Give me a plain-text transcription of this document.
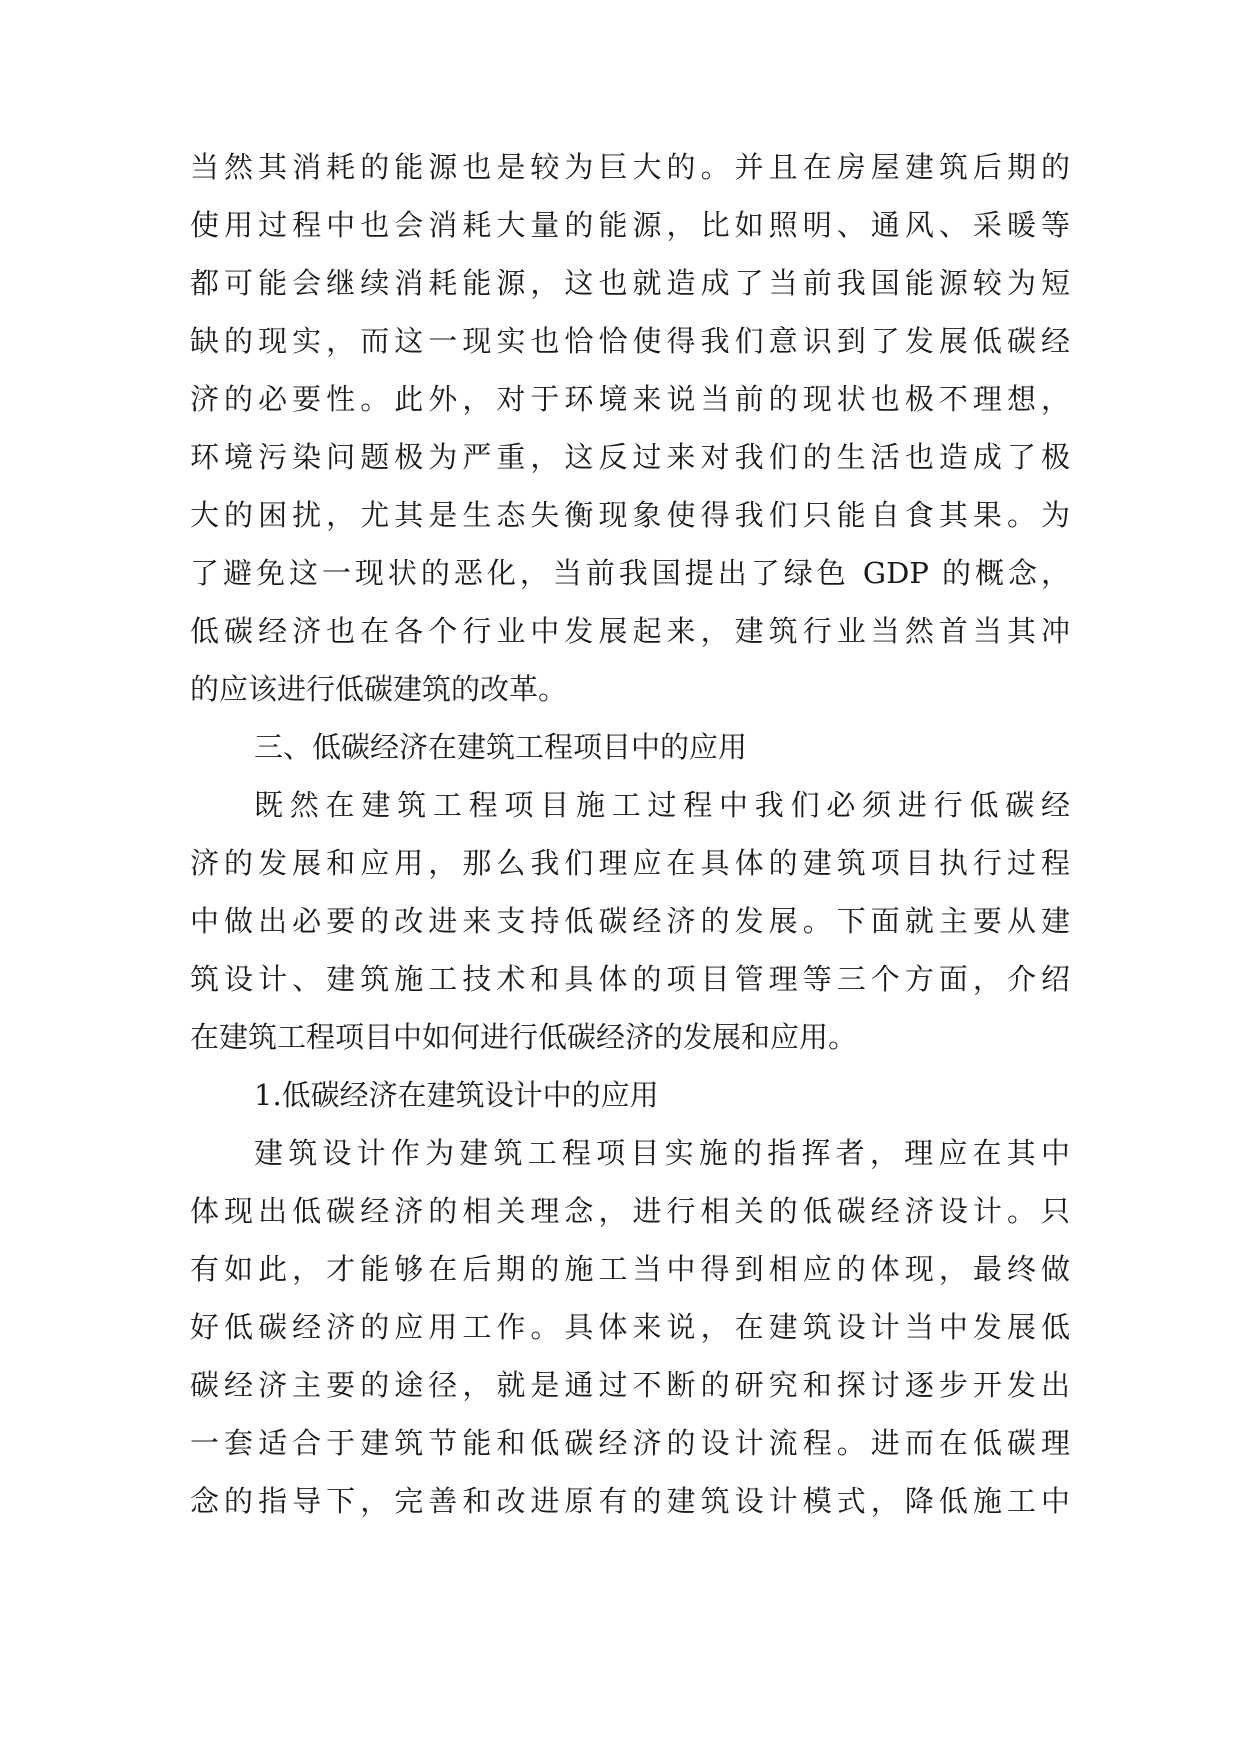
当然其消耗的能源也是较为巨大的。并且在房屋建筑后期的

使用过程中也会消耗大量的能源，比如照明、通风、采暖等

都可能会继续消耗能源，这也就造成了当前我国能源较为短

缺的现实，而这一现实也恰恰使得我们意识到了发展低碳经

济的必要性。此外，对于环境来说当前的现状也极不理想，

环境污染问题极为严重，这反过来对我们的生活也造成了极

大的困扰，尤其是生态失衡现象使得我们只能自食其果。为

了避免这一现状的恶化，当前我国提出了绿色 GDP 的概念，

低碳经济也在各个行业中发展起来，建筑行业当然首当其冲

的应该进行低碳建筑的改革。

三、低碳经济在建筑工程项目中的应用

既然在建筑工程项目施工过程中我们必须进行低碳经

济的发展和应用，那么我们理应在具体的建筑项目执行过程

中做出必要的改进来支持低碳经济的发展。下面就主要从建

筑设计、建筑施工技术和具体的项目管理等三个方面，介绍

在建筑工程项目中如何进行低碳经济的发展和应用。

1.低碳经济在建筑设计中的应用

建筑设计作为建筑工程项目实施的指挥者，理应在其中

体现出低碳经济的相关理念，进行相关的低碳经济设计。只

有如此，才能够在后期的施工当中得到相应的体现，最终做

好低碳经济的应用工作。具体来说，在建筑设计当中发展低

碳经济主要的途径，就是通过不断的研究和探讨逐步开发出

一套适合于建筑节能和低碳经济的设计流程。进而在低碳理

念的指导下，完善和改进原有的建筑设计模式，降低施工中
